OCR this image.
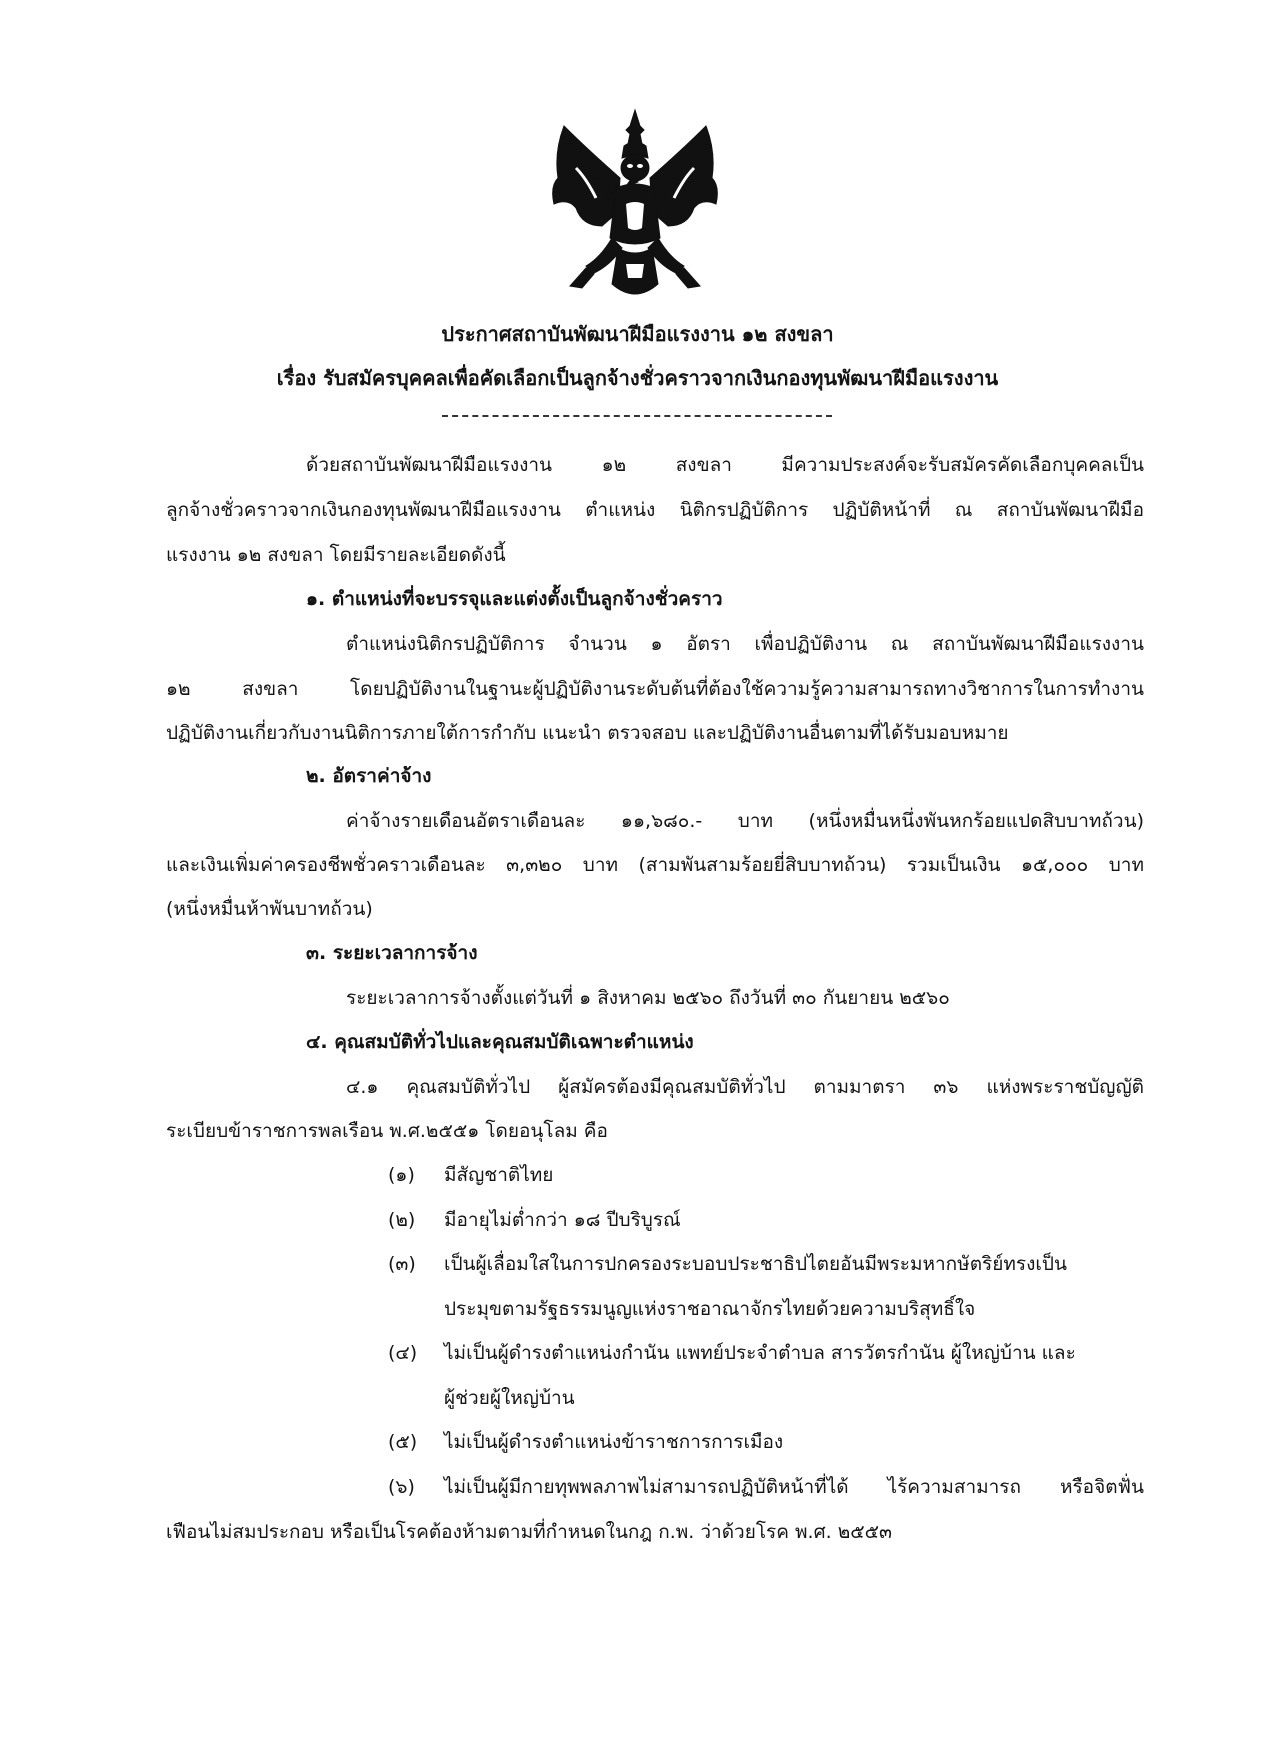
ประกาศสถาบันพัฒนาฝีมือแรงงาน ๑๒ สงขลา
เรื่อง รับสมัครบุคคลเพื่อคัดเลือกเป็นลูกจ้างชั่วคราวจากเงินกองทุนพัฒนาฝีมือแรงงาน
ด้วยสถาบันพัฒนาฝีมือแรงงาน ๑๒ สงขลา มีความประสงค์จะรับสมัครคัดเลือกบุคคลเป็น
ลูกจ้างชั่วคราวจากเงินกองทุนพัฒนาฝีมือแรงงาน ตำแหน่ง นิติกรปฏิบัติการ ปฏิบัติหน้าที่ ณ สถาบันพัฒนาฝีมือ
แรงงาน ๑๒ สงขลา โดยมีรายละเอียดดังนี้
๑. ตำแหน่งที่จะบรรจุและแต่งตั้งเป็นลูกจ้างชั่วคราว
ตำแหน่งนิติกรปฏิบัติการ จำนวน ๑ อัตรา เพื่อปฏิบัติงาน ณ สถาบันพัฒนาฝีมือแรงงาน
๑๒ สงขลา โดยปฏิบัติงานในฐานะผู้ปฏิบัติงานระดับต้นที่ต้องใช้ความรู้ความสามารถทางวิชาการในการทำงาน
ปฏิบัติงานเกี่ยวกับงานนิติการภายใต้การกำกับ แนะนำ ตรวจสอบ และปฏิบัติงานอื่นตามที่ได้รับมอบหมาย
๒. อัตราค่าจ้าง
ค่าจ้างรายเดือนอัตราเดือนละ ๑๑,๖๘๐.- บาท (หนึ่งหมื่นหนึ่งพันหกร้อยแปดสิบบาทถ้วน)
และเงินเพิ่มค่าครองชีพชั่วคราวเดือนละ ๓,๓๒๐ บาท (สามพันสามร้อยยี่สิบบาทถ้วน) รวมเป็นเงิน ๑๕,๐๐๐ บาท
(หนึ่งหมื่นห้าพันบาทถ้วน)
๓. ระยะเวลาการจ้าง
ระยะเวลาการจ้างตั้งแต่วันที่ ๑ สิงหาคม ๒๕๖๐ ถึงวันที่ ๓๐ กันยายน ๒๕๖๐
๔. คุณสมบัติทั่วไปและคุณสมบัติเฉพาะตำแหน่ง
๔.๑ คุณสมบัติทั่วไป ผู้สมัครต้องมีคุณสมบัติทั่วไป ตามมาตรา ๓๖ แห่งพระราชบัญญัติ
ระเบียบข้าราชการพลเรือน พ.ศ.๒๕๕๑ โดยอนุโลม คือ
(๑) มีสัญชาติไทย
(๒) มีอายุไม่ต่ำกว่า ๑๘ ปีบริบูรณ์
(๓) เป็นผู้เลื่อมใสในการปกครองระบอบประชาธิปไตยอันมีพระมหากษัตริย์ทรงเป็น
ประมุขตามรัฐธรรมนูญแห่งราชอาณาจักรไทยด้วยความบริสุทธิ์ใจ
(๔) ไม่เป็นผู้ดำรงตำแหน่งกำนัน แพทย์ประจำตำบล สารวัตรกำนัน ผู้ใหญ่บ้าน และ
ผู้ช่วยผู้ใหญ่บ้าน
(๕) ไม่เป็นผู้ดำรงตำแหน่งข้าราชการการเมือง
(๖) ไม่เป็นผู้มีกายทุพพลภาพไม่สามารถปฏิบัติหน้าที่ได้ ไร้ความสามารถ หรือจิตฟั่น
เฟือนไม่สมประกอบ หรือเป็นโรคต้องห้ามตามที่กำหนดในกฎ ก.พ. ว่าด้วยโรค พ.ศ. ๒๕๕๓
